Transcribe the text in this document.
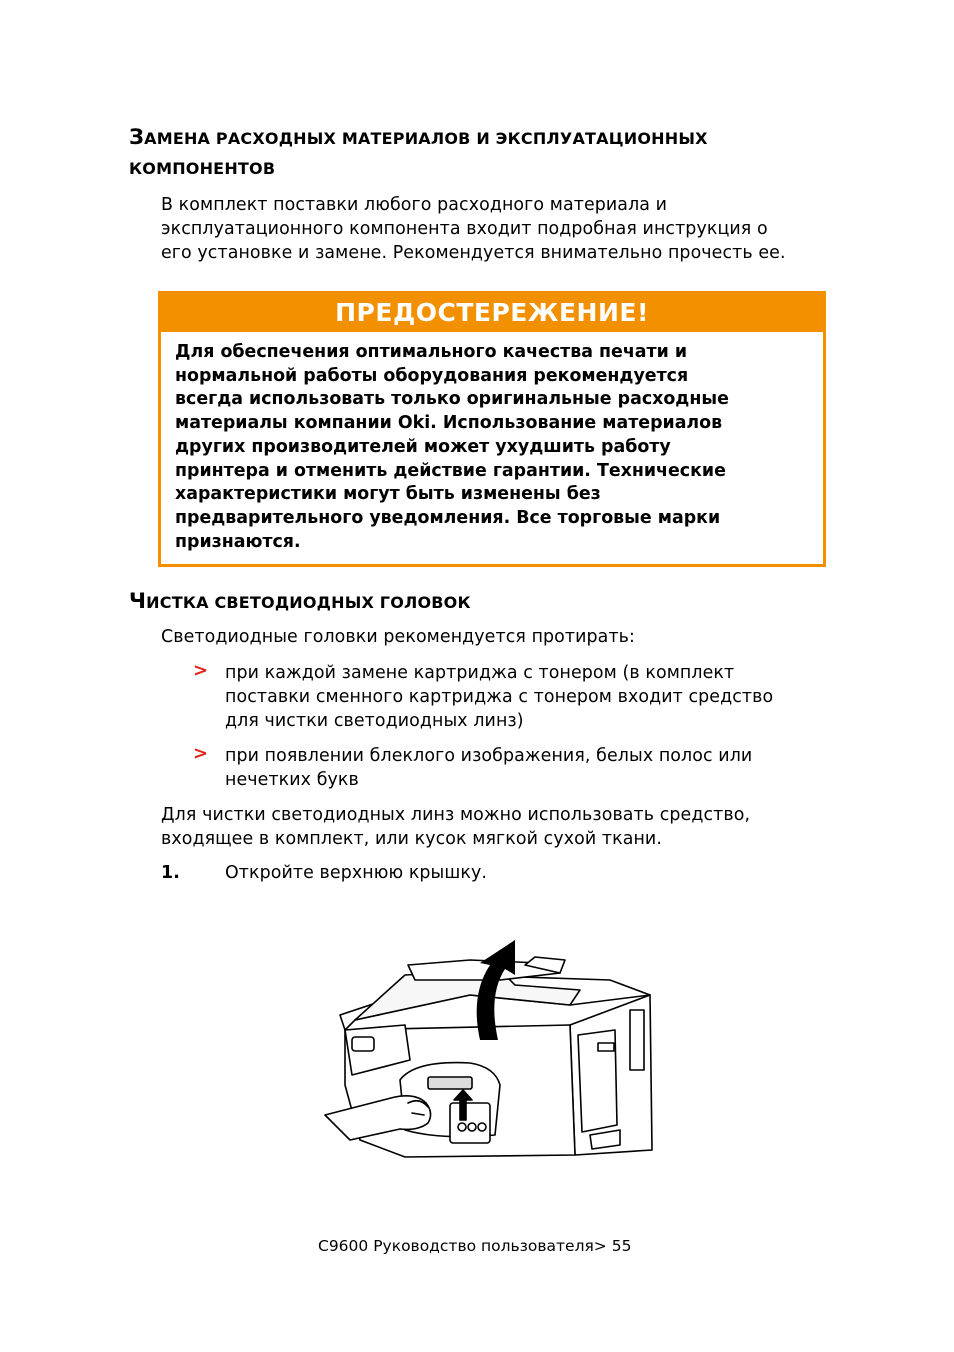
ЗАМЕНА РАСХОДНЫХ МАТЕРИАЛОВ И ЭКСПЛУАТАЦИОННЫХ
КОМПОНЕНТОВ
В комплект поставки любого расходного материала и
эксплуатационного компонента входит подробная инструкция о
его установке и замене. Рекомендуется внимательно прочесть ее.
ПРЕДОСТЕРЕЖЕНИЕ!
Для обеспечения оптимального качества печати и
нормальной работы оборудования рекомендуется
всегда использовать только оригинальные расходные
материалы компании Oki. Использование материалов
других производителей может ухудшить работу
принтера и отменить действие гарантии. Технические
характеристики могут быть изменены без
предварительного уведомления. Все торговые марки
признаются.
ЧИСТКА СВЕТОДИОДНЫХ ГОЛОВОК
Светодиодные головки рекомендуется протирать:
> при каждой замене картриджа с тонером (в комплект
поставки сменного картриджа с тонером входит средство
для чистки светодиодных линз)
> при появлении блеклого изображения, белых полос или
нечетких букв
Для чистки светодиодных линз можно использовать средство,
входящее в комплект, или кусок мягкой сухой ткани.
1.	Откройте верхнюю крышку.
C9600 Руководство пользователя> 55
